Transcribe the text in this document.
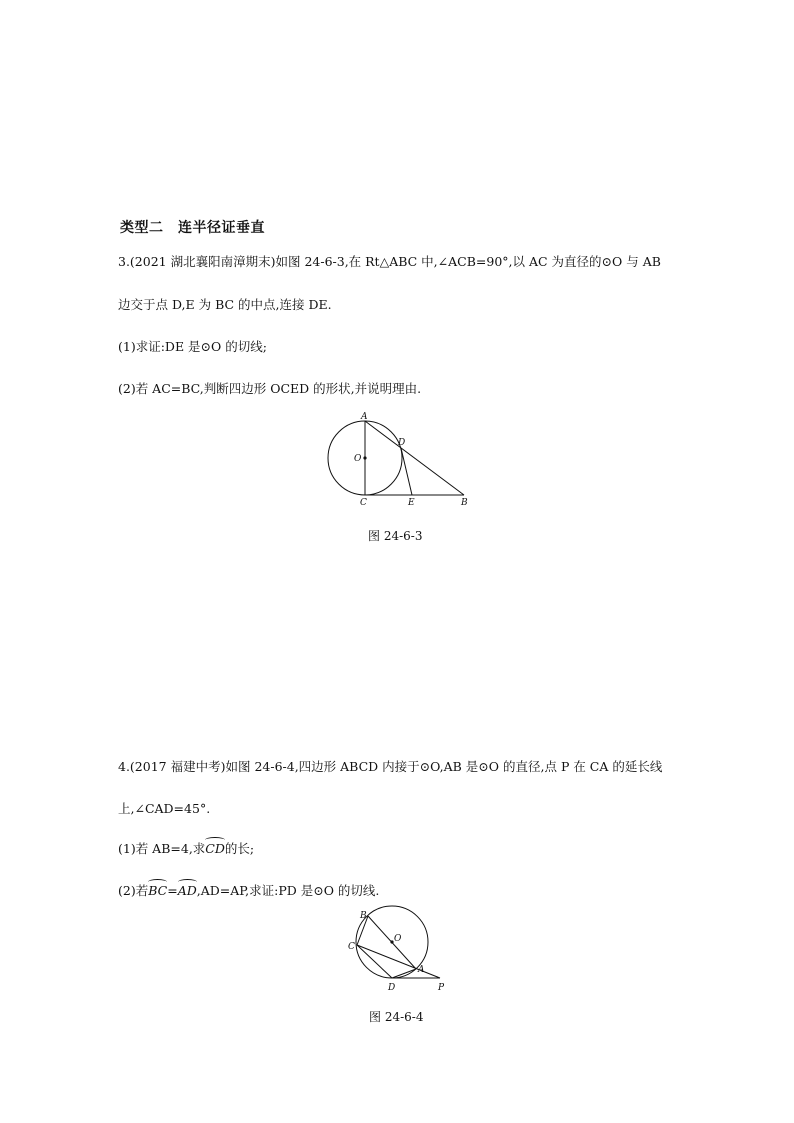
类型二　连半径证垂直
3.(2021 湖北襄阳南漳期末)如图 24-6-3,在 Rt△ABC 中,∠ACB=90°,以 AC 为直径的⊙O 与 AB
边交于点 D,E 为 BC 的中点,连接 DE.
(1)求证:DE 是⊙O 的切线;
(2)若 AC=BC,判断四边形 OCED 的形状,并说明理由.
A
D
O
C	E	B
图 24-6-3
4.(2017 福建中考)如图 24-6-4,四边形 ABCD 内接于⊙O,AB 是⊙O 的直径,点 P 在 CA 的延长线
上,∠CAD=45°.
(1)若 AB=4,求CD的长;
(2)若BC=AD,AD=AP,求证:PD 是⊙O 的切线.
B
O
C
A
D	P
图 24-6-4
